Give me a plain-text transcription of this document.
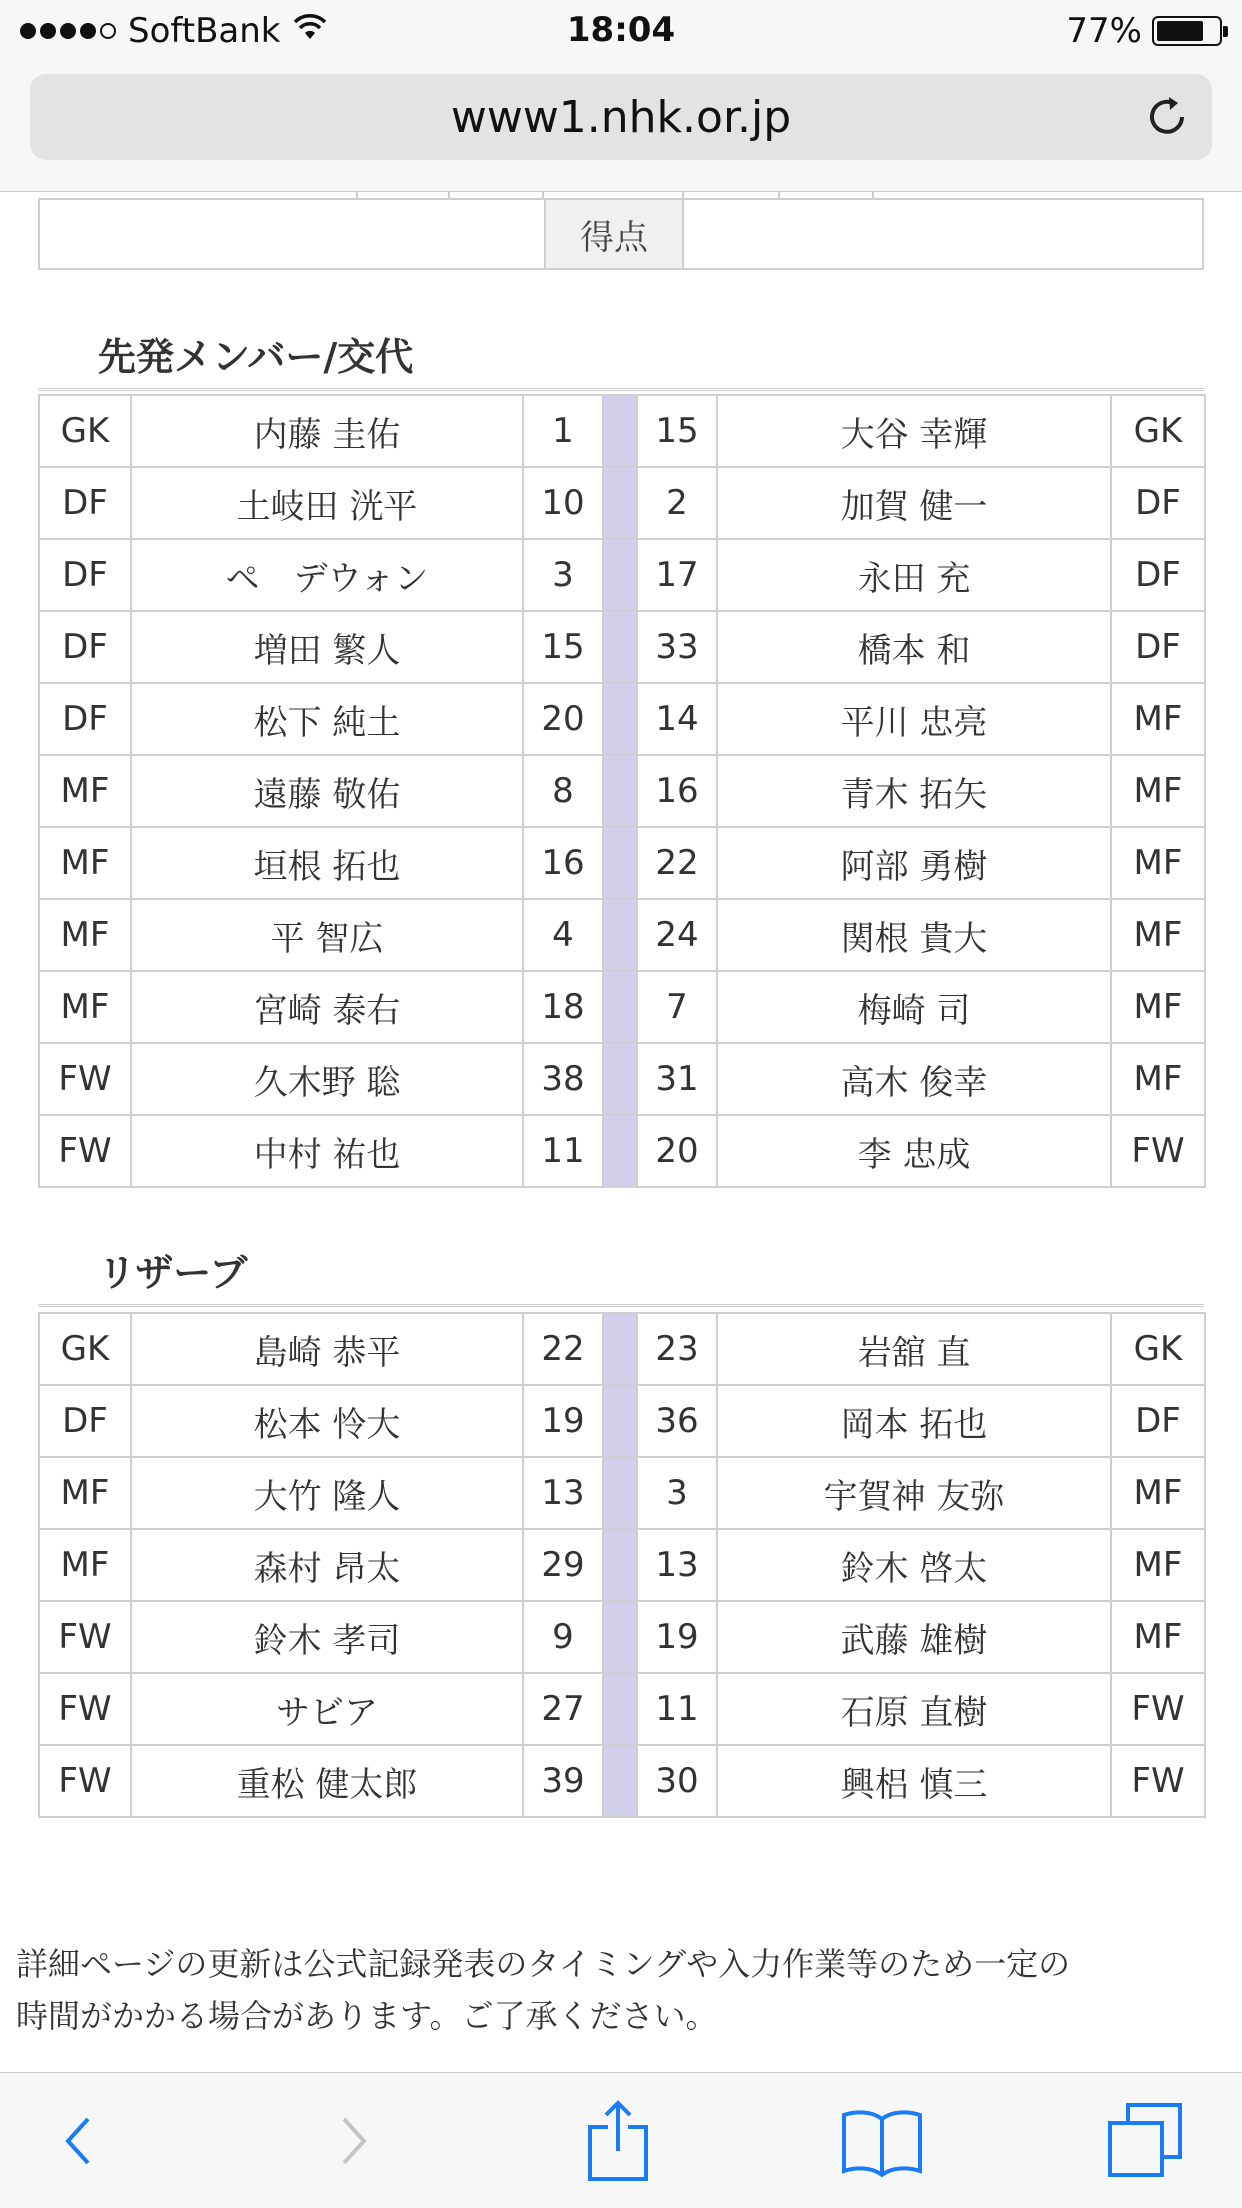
SoftBank	18:04	77%
www1.nhk.or.jp
得点
先発メンバー/交代
GK	内藤 圭佑	1		15	大谷 幸輝	GK
DF	土岐田 洸平	10		2	加賀 健一	DF
DF	ペ　デウォン	3		17	永田 充	DF
DF	増田 繁人	15		33	橋本 和	DF
DF	松下 純土	20		14	平川 忠亮	MF
MF	遠藤 敬佑	8		16	青木 拓矢	MF
MF	垣根 拓也	16		22	阿部 勇樹	MF
MF	平 智広	4		24	関根 貴大	MF
MF	宮崎 泰右	18		7	梅崎 司	MF
FW	久木野 聡	38		31	高木 俊幸	MF
FW	中村 祐也	11		20	李 忠成	FW
リザーブ
GK	島崎 恭平	22		23	岩舘 直	GK
DF	松本 怜大	19		36	岡本 拓也	DF
MF	大竹 隆人	13		3	宇賀神 友弥	MF
MF	森村 昂太	29		13	鈴木 啓太	MF
FW	鈴木 孝司	9		19	武藤 雄樹	MF
FW	サビア	27		11	石原 直樹	FW
FW	重松 健太郎	39		30	興梠 慎三	FW
詳細ページの更新は公式記録発表のタイミングや入力作業等のため一定の
時間がかかる場合があります。ご了承ください。
